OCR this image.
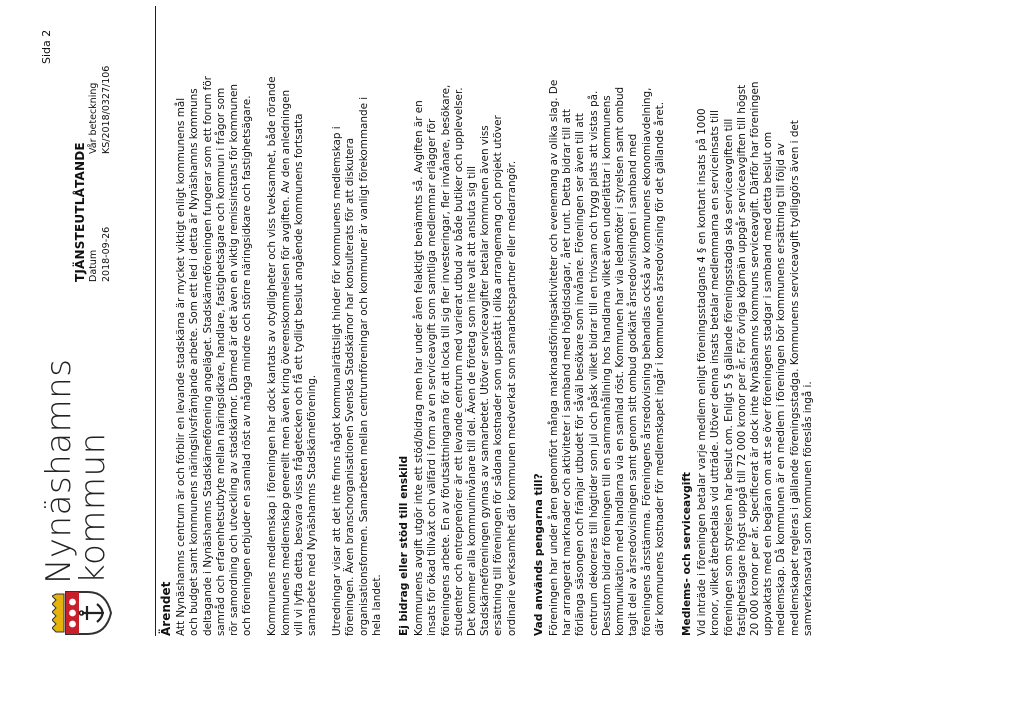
Nynäshamns
kommun
Sida 2
TJÄNSTEUTLÅTANDE Datum
Vår beteckning
2018-09-26
KS/2018/0327/106
Ärendet Att Nynäshamns centrum är och förblir en levande stadskärna är mycket viktigt enligt kommunens mål och budget samt kommunens näringslivsfrämjande arbete. Som ett led i detta är Nynäshamns kommuns deltagande i Nynäshamns Stadskärneförening angeläget. Stadskärneföreningen fungerar som ett forum för samråd och erfarenhetsutbyte mellan näringsidkare, handlare, fastighetsägare och kommun i frågor som rör samordning och utveckling av stadskärnor. Därmed är det även en viktig remissinstans för kommunen och föreningen erbjuder en samlad röst av många mindre och större näringsidkare och fastighetsägare. Kommunens medlemskap i föreningen har dock kantats av otydligheter och viss tveksamhet, både rörande kommunens medlemskap generellt men även kring överenskommelsen för avgiften. Av den anledningen vill vi lyfta detta, besvara vissa frågetecken och få ett tydligt beslut angående kommunens fortsatta samarbete med Nynäshamns Stadskärneförening. Utredningar visar att det inte finns något kommunalrättsligt hinder för kommunens medlemskap i föreningen. Även branschorganisationen Svenska Stadskärnor har konsulterats för att diskutera organisationsformen. Samarbeten mellan centrumföreningar och kommuner är vanligt förekommande i hela landet. Ej bidrag eller stöd till enskild Kommunens avgift utgör inte ett stöd/bidrag men har under åren felaktigt benämnts så. Avgiften är en insats för ökad tillväxt och välfärd i form av en serviceavgift som samtliga medlemmar erlägger för föreningens arbete. En av förutsättningarna för att locka till sig fler investeringar, fler invånare, besökare, studenter och entreprenörer är ett levande centrum med varierat utbud av både butiker och upplevelser. Det kommer alla kommuninvånare till del. Även de företag som inte valt att ansluta sig till Stadskärneföreningen gynnas av samarbetet. Utöver serviceavgifter betalar kommunen även viss ersättning till föreningen för sådana kostnader som uppstått i olika arrangemang och projekt utöver ordinarie verksamhet där kommunen medverkat som samarbetspartner eller medarrangör. Vad används pengarna till? Föreningen har under åren genomfört många marknadsföringsaktiviteter och evenemang av olika slag. De har arrangerat marknader och aktiviteter i samband med högtidsdagar, året runt. Detta bidrar till att förlänga säsongen och främjar utbudet för såväl besökare som invånare. Föreningen ser även till att centrum dekoreras till högtider som jul och påsk vilket bidrar till en trivsam och trygg plats att vistas på. Dessutom bidrar föreningen till en sammanhållning hos handlarna vilket även underlättar i kommunens kommunikation med handlarna via en samlad röst. Kommunen har via ledamöter i styrelsen samt ombud tagit del av årsredovisningen samt genom sitt ombud godkänt årsredovisningen i samband med föreningens årsstämma. Föreningens årsredovisning behandlas också av kommunens ekonomiavdelning, där kommunens kostnader för medlemskapet ingår i kommunens årsredovisning för det gällande året. Medlems- och serviceavgift Vid inträde i föreningen betalar varje medlem enligt föreningsstadgans 4 § en kontant insats på 1000 kronor, vilket återbetalas vid utträde. Utöver denna insats betalar medlemmarna en serviceinsats till föreningen som styrelsen har beslut om. Enligt 5 § gällande föreningsstadga ska serviceavgiften till fastighetsägare högst uppgå till 72 000 kronor per år. För övriga köpmän uppgår serviceavgiften till högst 20 000 kronor per år. Specificerat är dock inte Nynäshamns kommuns serviceavgift. Därför har föreningen uppvaktats med en begäran om att se över föreningens stadgar i samband med detta beslut om medlemskap. Då kommunen är en medlem i föreningen bör kommunens ersättning till följd av medlemskapet regleras i gällande föreningsstadga. Kommunens serviceavgift tydliggörs även i det samverkansavtal som kommunen föreslås ingå i.
